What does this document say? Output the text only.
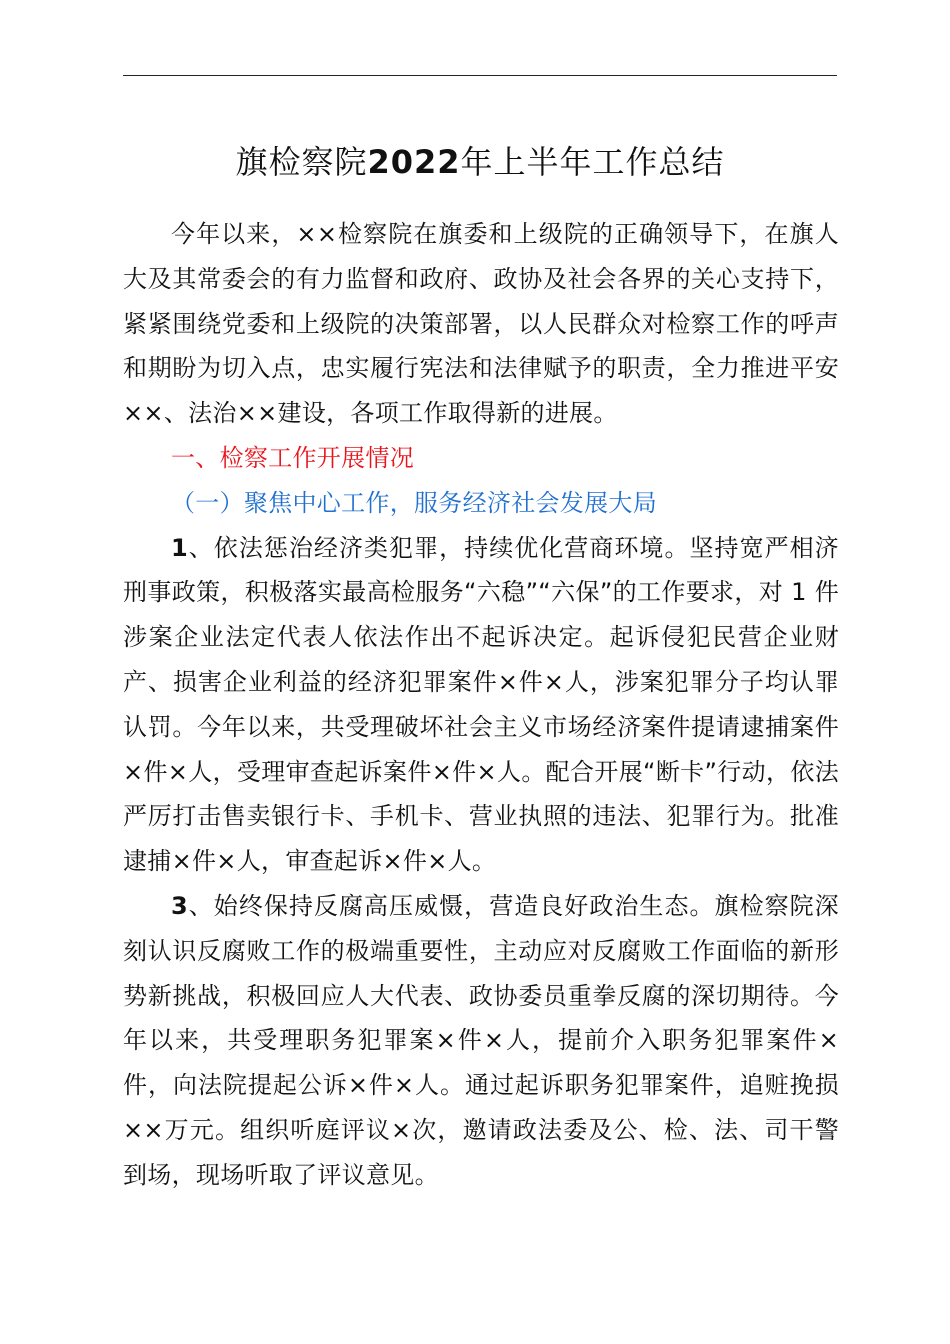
旗检察院2022年上半年工作总结

今年以来，××检察院在旗委和上级院的正确领导下，在旗人大及其常委会的有力监督和政府、政协及社会各界的关心支持下，紧紧围绕党委和上级院的决策部署，以人民群众对检察工作的呼声和期盼为切入点，忠实履行宪法和法律赋予的职责，全力推进平安××、法治××建设，各项工作取得新的进展。

一、检察工作开展情况

（一）聚焦中心工作，服务经济社会发展大局

1、依法惩治经济类犯罪，持续优化营商环境。坚持宽严相济刑事政策，积极落实最高检服务“六稳”“六保”的工作要求，对 1 件涉案企业法定代表人依法作出不起诉决定。起诉侵犯民营企业财产、损害企业利益的经济犯罪案件×件×人，涉案犯罪分子均认罪认罚。今年以来，共受理破坏社会主义市场经济案件提请逮捕案件×件×人，受理审查起诉案件×件×人。配合开展“断卡”行动，依法严厉打击售卖银行卡、手机卡、营业执照的违法、犯罪行为。批准逮捕×件×人，审查起诉×件×人。

3、始终保持反腐高压威慑，营造良好政治生态。旗检察院深刻认识反腐败工作的极端重要性，主动应对反腐败工作面临的新形势新挑战，积极回应人大代表、政协委员重拳反腐的深切期待。今年以来，共受理职务犯罪案×件×人，提前介入职务犯罪案件×件，向法院提起公诉×件×人。通过起诉职务犯罪案件，追赃挽损××万元。组织听庭评议×次，邀请政法委及公、检、法、司干警到场，现场听取了评议意见。
